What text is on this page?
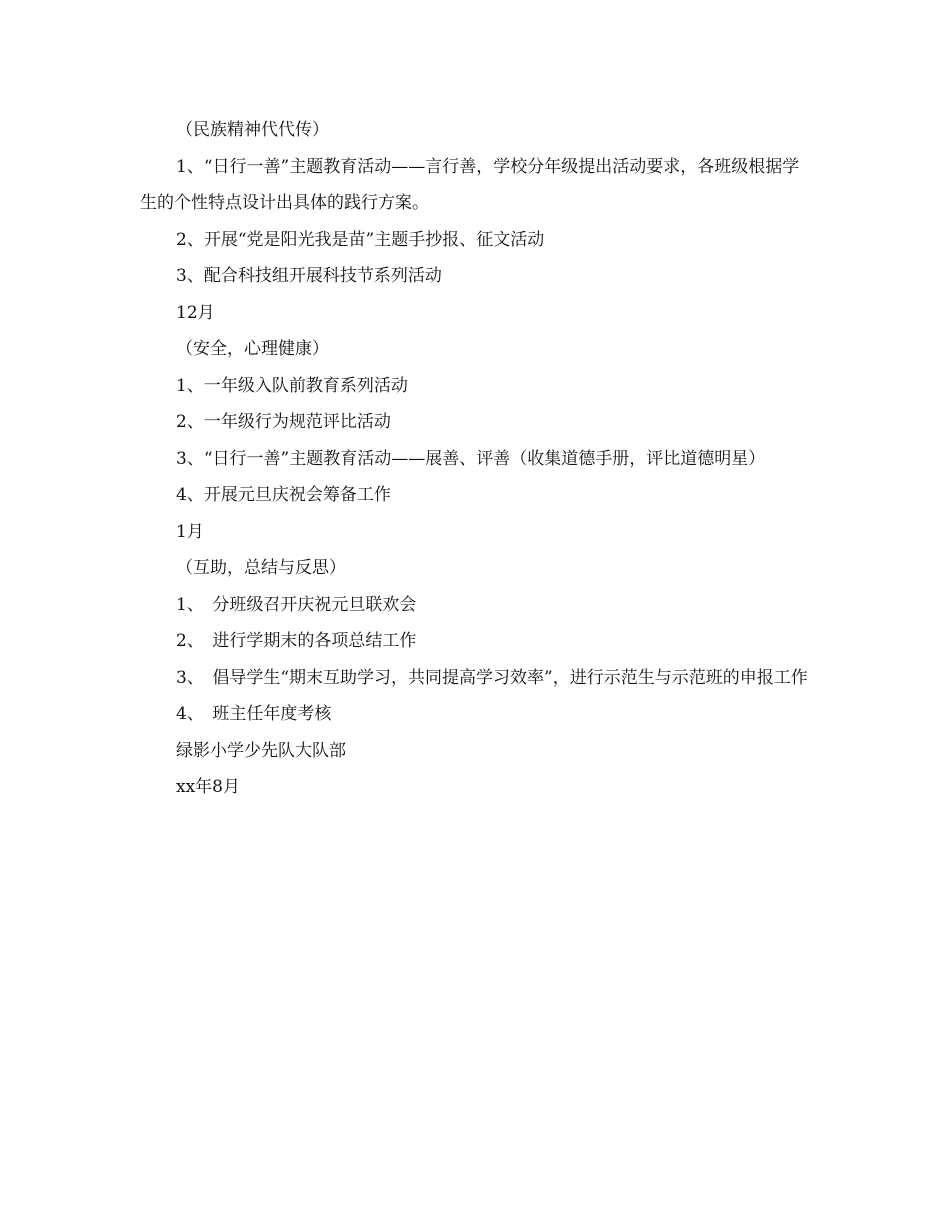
（民族精神代代传）

1、“日行一善”主题教育活动——言行善，学校分年级提出活动要求，各班级根据学生的个性特点设计出具体的践行方案。

2、开展“党是阳光我是苗”主题手抄报、征文活动

3、配合科技组开展科技节系列活动

12月

（安全，心理健康）

1、一年级入队前教育系列活动

2、一年级行为规范评比活动

3、“日行一善”主题教育活动——展善、评善（收集道德手册，评比道德明星）

4、开展元旦庆祝会筹备工作

1月

（互助，总结与反思）

1、　分班级召开庆祝元旦联欢会

2、　进行学期末的各项总结工作

3、　倡导学生“期末互助学习，共同提高学习效率”，进行示范生与示范班的申报工作

4、　班主任年度考核

绿影小学少先队大队部

xx年8月
